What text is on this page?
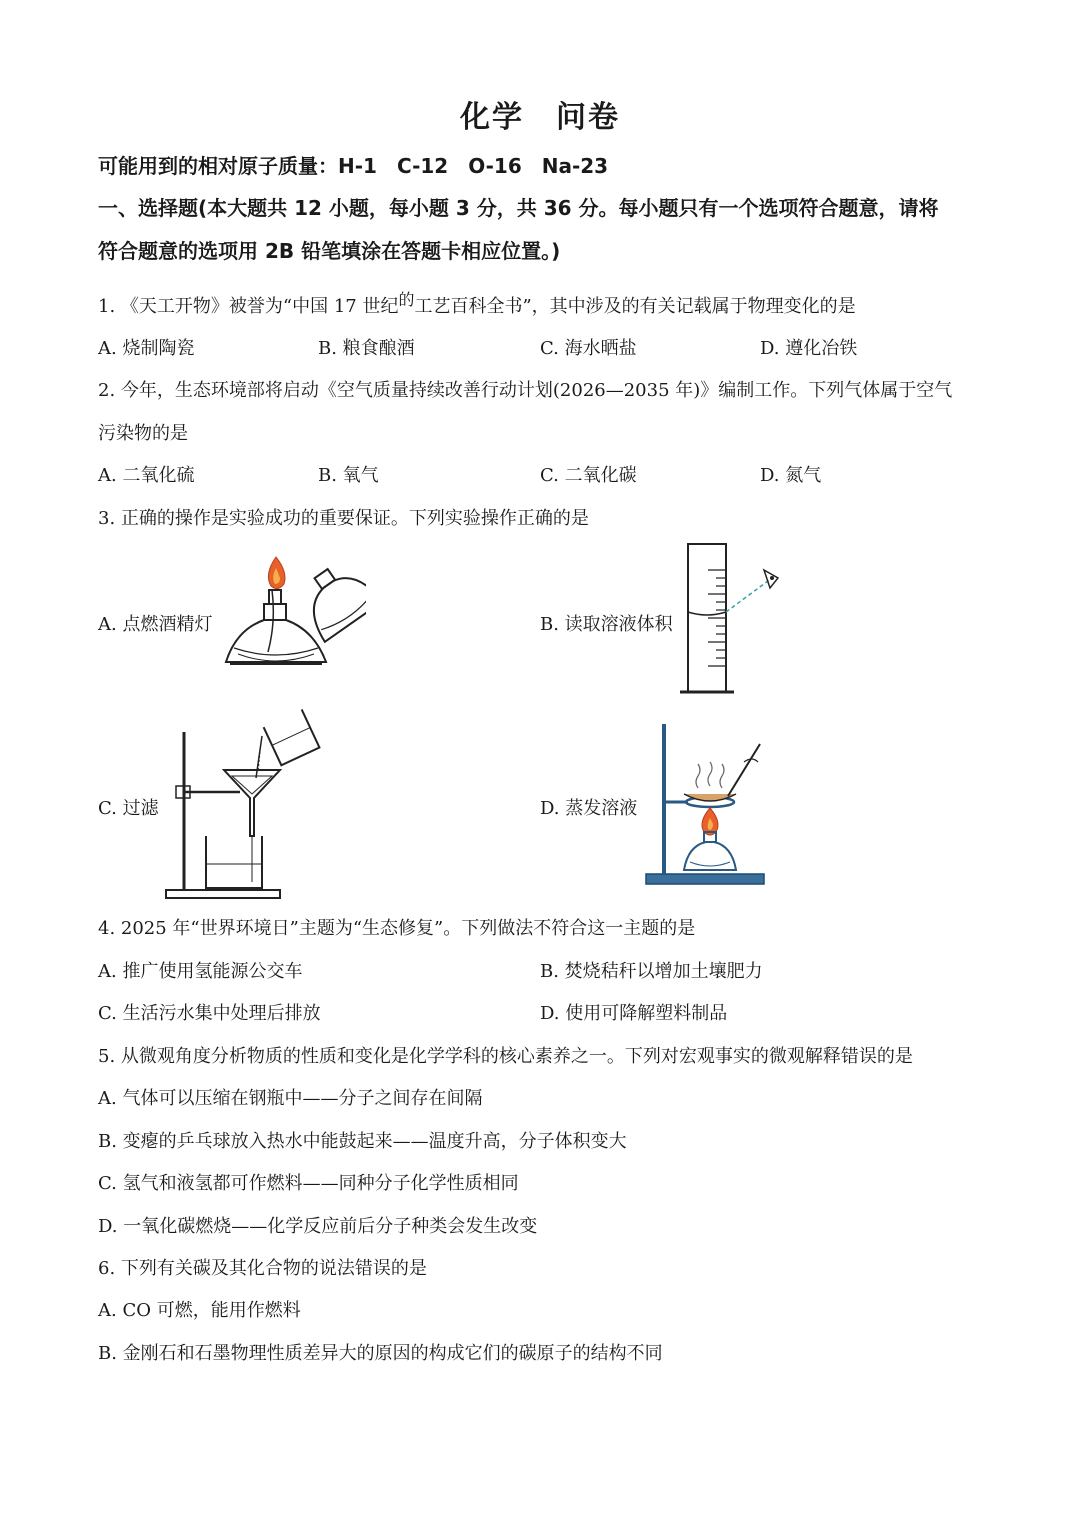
化学　问卷
可能用到的相对原子质量：H-1　C-12　O-16　Na-23
一、选择题(本大题共 12 小题，每小题 3 分，共 36 分。每小题只有一个选项符合题意，请将
符合题意的选项用 2B 铅笔填涂在答题卡相应位置。)
1. 《天工开物》被誉为“中国 17 世纪$^的$工艺百科全书”，其中涉及的有关记载属于物理变化的是
A. 烧制陶瓷	B. 粮食酿酒	C. 海水晒盐	D. 遵化冶铁
2. 今年，生态环境部将启动《空气质量持续改善行动计划(2026—2035 年)》编制工作。下列气体属于空气
污染物的是
A. 二氧化硫	B. 氧气	C. 二氧化碳	D. 氮气
3. 正确的操作是实验成功的重要保证。下列实验操作正确的是
A. 点燃酒精灯	B. 读取溶液体积
C. 过滤	D. 蒸发溶液
4. 2025 年“世界环境日”主题为“生态修复”。下列做法不符合这一主题的是
A. 推广使用氢能源公交车	B. 焚烧秸秆以增加土壤肥力
C. 生活污水集中处理后排放	D. 使用可降解塑料制品
5. 从微观角度分析物质的性质和变化是化学学科的核心素养之一。下列对宏观事实的微观解释错误的是
A. 气体可以压缩在钢瓶中——分子之间存在间隔
B. 变瘪的乒乓球放入热水中能鼓起来——温度升高，分子体积变大
C. 氢气和液氢都可作燃料——同种分子化学性质相同
D. 一氧化碳燃烧——化学反应前后分子种类会发生改变
6. 下列有关碳及其化合物的说法错误的是
A. CO 可燃，能用作燃料
B. 金刚石和石墨物理性质差异大的原因的构成它们的碳原子的结构不同
